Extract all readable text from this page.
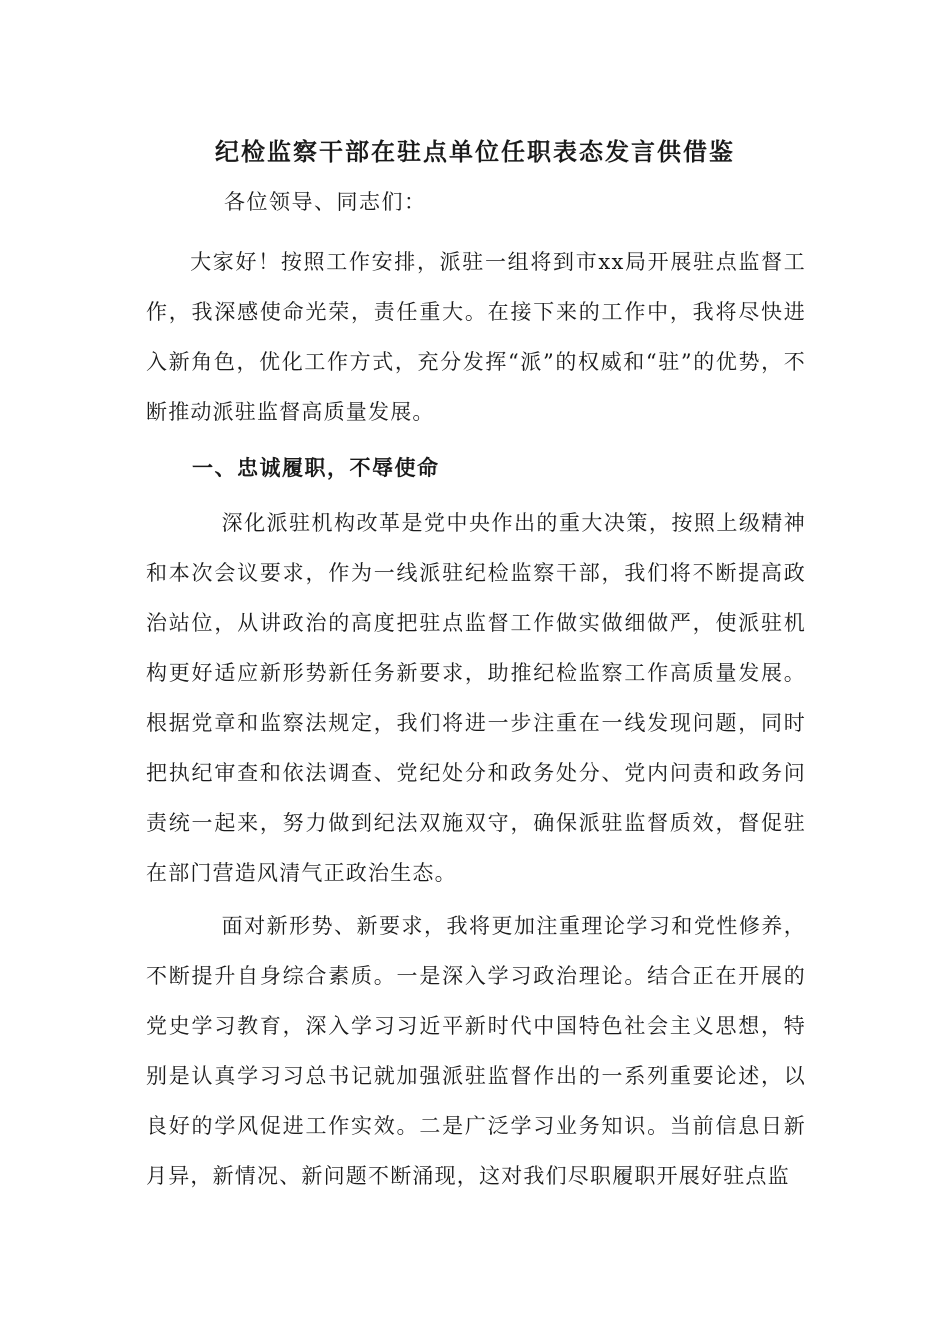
纪检监察干部在驻点单位任职表态发言供借鉴
各位领导、同志们：

大家好！按照工作安排，派驻一组将到市xx局开展驻点监督工作，我深感使命光荣，责任重大。在接下来的工作中，我将尽快进入新角色，优化工作方式，充分发挥“派”的权威和“驻”的优势，不断推动派驻监督高质量发展。

一、忠诚履职，不辱使命

深化派驻机构改革是党中央作出的重大决策，按照上级精神和本次会议要求，作为一线派驻纪检监察干部，我们将不断提高政治站位，从讲政治的高度把驻点监督工作做实做细做严，使派驻机构更好适应新形势新任务新要求，助推纪检监察工作高质量发展。根据党章和监察法规定，我们将进一步注重在一线发现问题，同时把执纪审查和依法调查、党纪处分和政务处分、党内问责和政务问责统一起来，努力做到纪法双施双守，确保派驻监督质效，督促驻在部门营造风清气正政治生态。

面对新形势、新要求，我将更加注重理论学习和党性修养，不断提升自身综合素质。一是深入学习政治理论。结合正在开展的党史学习教育，深入学习习近平新时代中国特色社会主义思想，特别是认真学习习总书记就加强派驻监督作出的一系列重要论述，以良好的学风促进工作实效。二是广泛学习业务知识。当前信息日新月异，新情况、新问题不断涌现，这对我们尽职履职开展好驻点监
